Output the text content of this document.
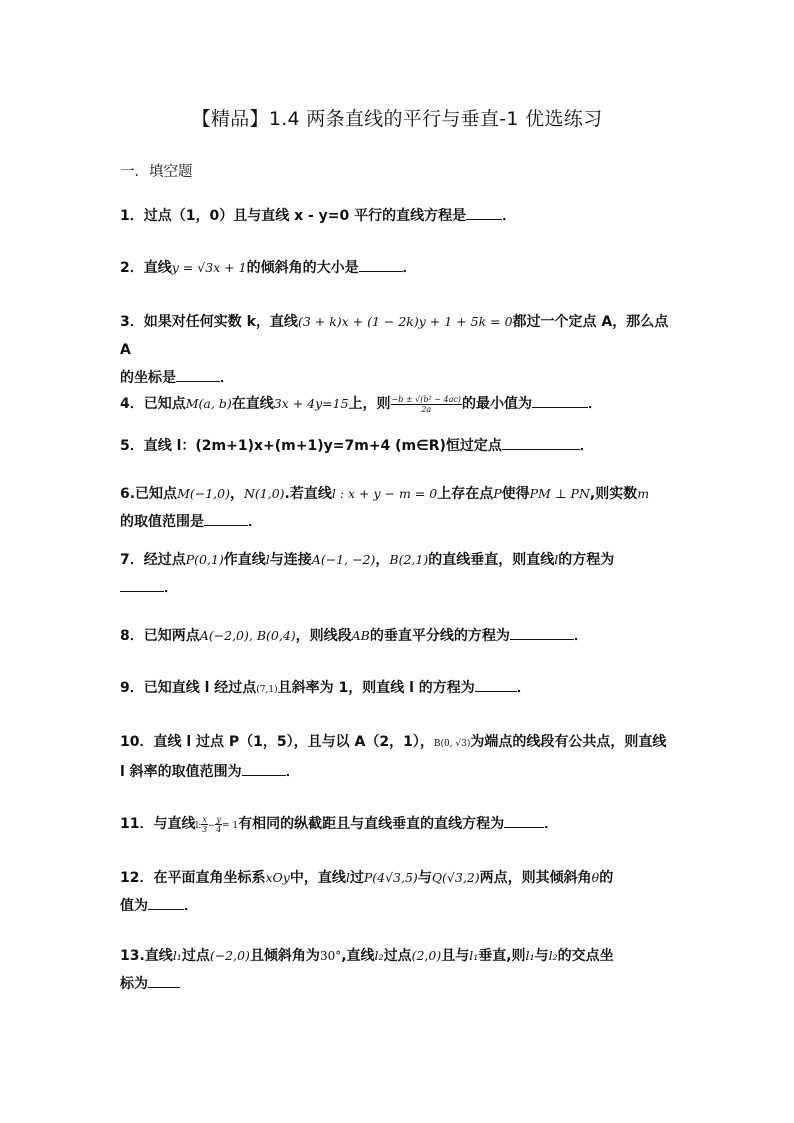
【精品】1.4 两条直线的平行与垂直-1 优选练习
一．填空题
1．过点（1，0）且与直线 x - y=0 平行的直线方程是	．
2．直线y = √3x + 1的倾斜角的大小是	．
3．如果对任何实数 k，直线(3 + k)x + (1 − 2k)y + 1 + 5k = 0都过一个定点 A，那么点 A
的坐标是	．
4．已知点M(a, b)在直线3x + 4y=15上，则 $\frac{\text{−b ± √(b² − 4ac)}}{2a}$ 的最小值为	．
5．直线 l：(2m+1)x+(m+1)y=7m+4 (m∈R)恒过定点	．
6.已知点M(−1,0)，N(1,0).若直线l : x + y − m = 0上存在点P使得PM ⊥ PN,则实数m
的取值范围是	．
7．经过点P(0,1)作直线l与连接A(−1, −2)，B(2,1)的直线垂直，则直线l的方程为
．
8．已知两点A(−2,0), B(0,4)，则线段AB的垂直平分线的方程为	．
9．已知直线 l 经过点(7,1)且斜率为 1，则直线 l 的方程为	．
10．直线 l 过点 P（1，5），且与以 A（2，1），B(0, √3)为端点的线段有公共点，则直线
l 斜率的取值范围为	．
11．与直线l: $\frac{x}{3} - \frac{y}{4} = 1$有相同的纵截距且与直线垂直的直线方程为	．
12．在平面直角坐标系xOy中，直线l过P(4√3,5)与Q(√3,2)两点，则其倾斜角θ的
值为	．
13.直线l₁过点(−2,0)且倾斜角为30°,直线l₂过点(2,0)且与l₁垂直,则l₁与l₂的交点坐
标为
